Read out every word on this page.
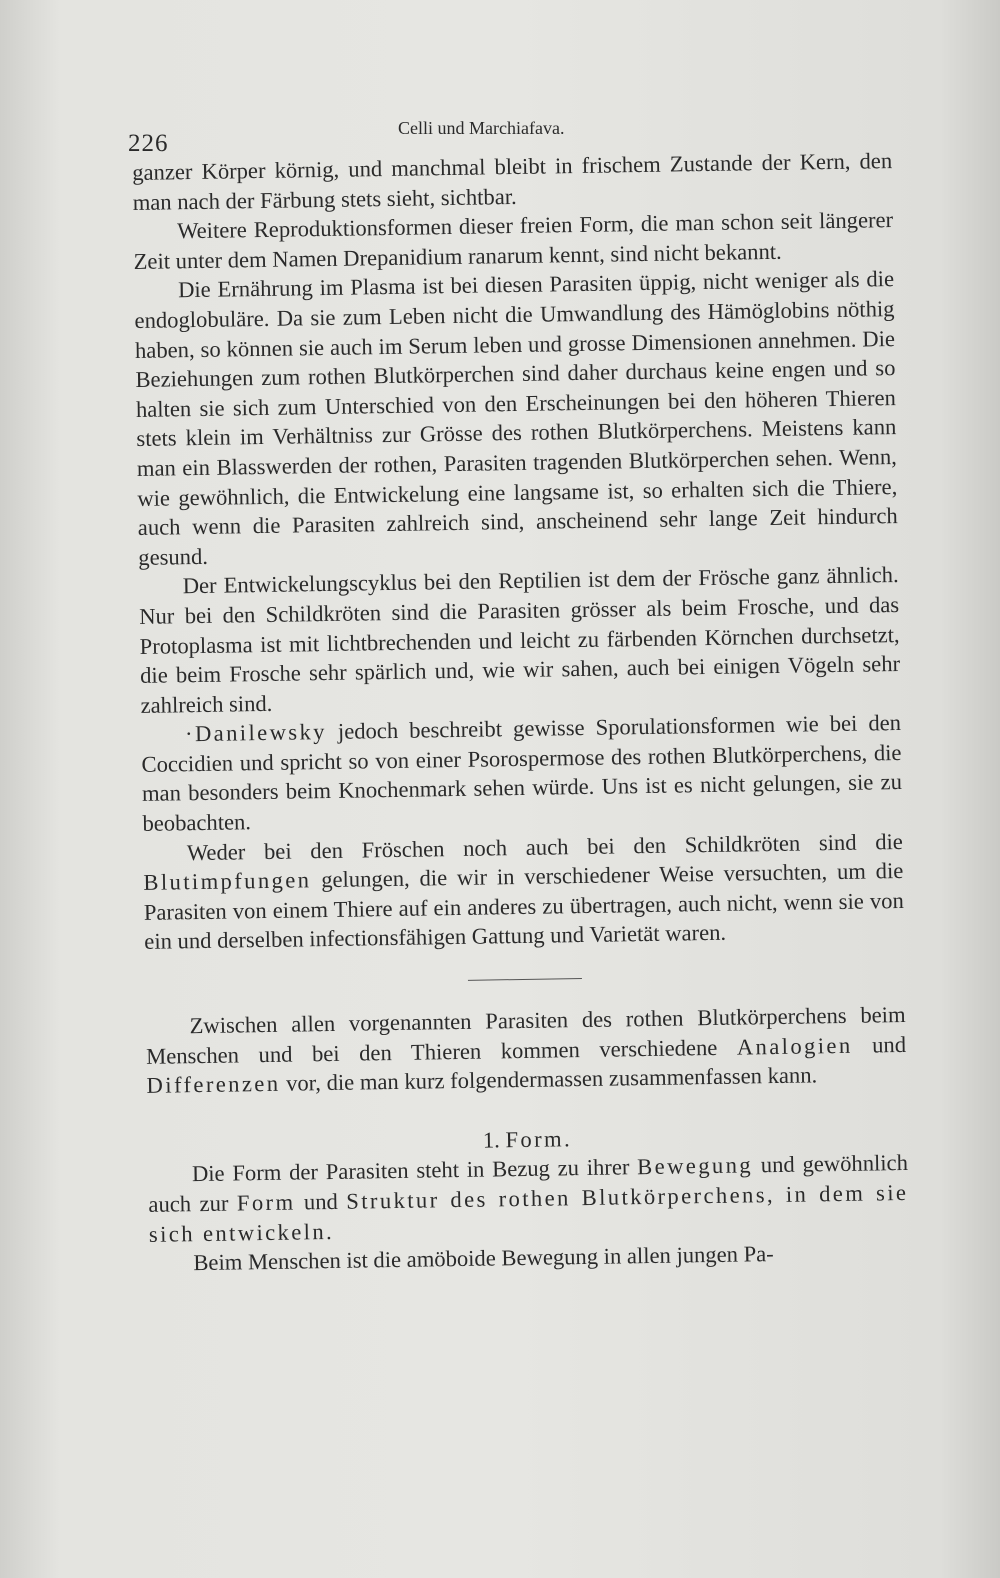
226
Celli und Marchiafava.

ganzer Körper körnig, und manchmal bleibt in frischem Zustande der Kern, den man nach der Färbung stets sieht, sichtbar.

Weitere Reproduktionsformen dieser freien Form, die man schon seit längerer Zeit unter dem Namen Drepanidium ranarum kennt, sind nicht bekannt.

Die Ernährung im Plasma ist bei diesen Parasiten üppig, nicht weniger als die endoglobuläre. Da sie zum Leben nicht die Umwandlung des Hämöglobins nöthig haben, so können sie auch im Serum leben und grosse Dimensionen annehmen. Die Beziehungen zum rothen Blutkörperchen sind daher durchaus keine engen und so halten sie sich zum Unterschied von den Erscheinungen bei den höheren Thieren stets klein im Verhältniss zur Grösse des rothen Blutkörperchens. Meistens kann man ein Blasswerden der rothen, Parasiten tragenden Blutkörperchen sehen. Wenn, wie gewöhnlich, die Entwickelung eine langsame ist, so erhalten sich die Thiere, auch wenn die Parasiten zahlreich sind, anscheinend sehr lange Zeit hindurch gesund.

Der Entwickelungscyklus bei den Reptilien ist dem der Frösche ganz ähnlich. Nur bei den Schildkröten sind die Parasiten grösser als beim Frosche, und das Protoplasma ist mit lichtbrechenden und leicht zu färbenden Körnchen durchsetzt, die beim Frosche sehr spärlich und, wie wir sahen, auch bei einigen Vögeln sehr zahlreich sind.

·Danilewsky jedoch beschreibt gewisse Sporulationsformen wie bei den Coccidien und spricht so von einer Psorospermose des rothen Blutkörperchens, die man besonders beim Knochenmark sehen würde. Uns ist es nicht gelungen, sie zu beobachten.

Weder bei den Fröschen noch auch bei den Schildkröten sind die Blutimpfungen gelungen, die wir in verschiedener Weise versuchten, um die Parasiten von einem Thiere auf ein anderes zu übertragen, auch nicht, wenn sie von ein und derselben infectionsfähigen Gattung und Varietät waren.

Zwischen allen vorgenannten Parasiten des rothen Blutkörperchens beim Menschen und bei den Thieren kommen verschiedene Analogien und Differenzen vor, die man kurz folgendermassen zusammenfassen kann.

1. Form.

Die Form der Parasiten steht in Bezug zu ihrer Bewegung und gewöhnlich auch zur Form und Struktur des rothen Blutkörperchens, in dem sie sich entwickeln.

Beim Menschen ist die amöboide Bewegung in allen jungen Pa-
